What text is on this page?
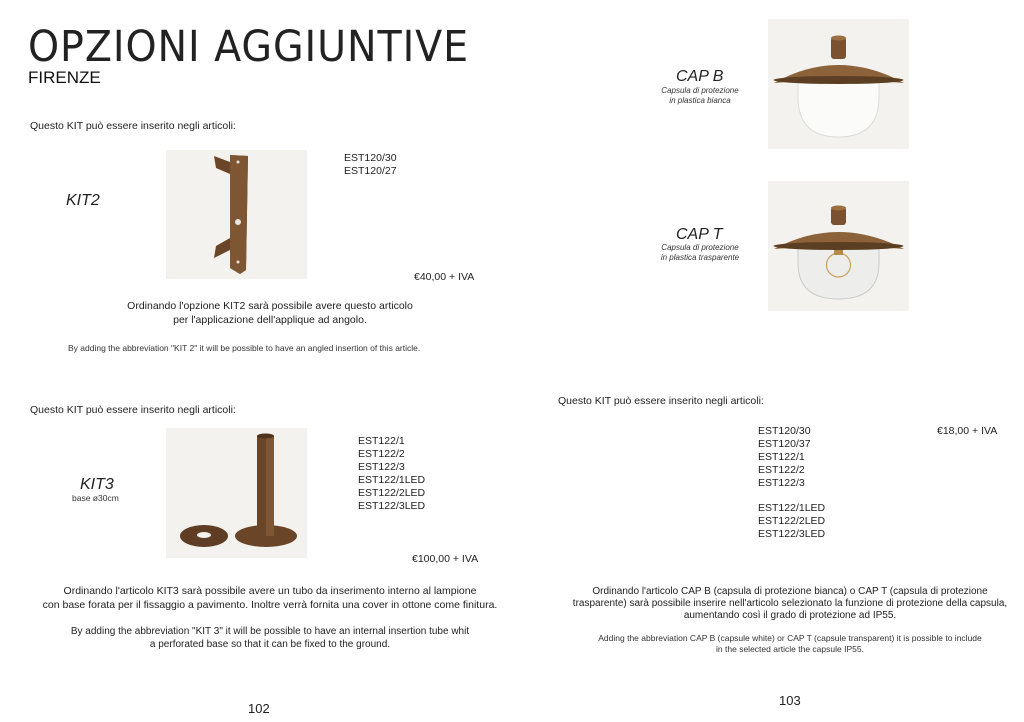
OPZIONI AGGIUNTIVE
FIRENZE
Questo KIT può essere inserito negli articoli:
KIT2
EST120/30
EST120/27
€40,00 + IVA
Ordinando l'opzione KIT2 sarà possibile avere questo articolo
per l'applicazione dell'applique ad angolo.
By adding the abbreviation "KIT 2" it will be possible to have an angled insertion of this article.
Questo KIT può essere inserito negli articoli:
KIT3
base ø30cm
EST122/1
EST122/2
EST122/3
EST122/1LED
EST122/2LED
EST122/3LED
€100,00 + IVA
Ordinando l'articolo KIT3 sarà possibile avere un tubo da inserimento interno al lampione
con base forata per il fissaggio a pavimento. Inoltre verrà fornita una cover in ottone come finitura.
By adding the abbreviation "KIT 3" it will be possible to have an internal insertion tube whit
a perforated base so that it can be fixed to the ground.
102
CAP B
Capsula di protezione
in plastica bianca
CAP T
Capsula di protezione
in plastica trasparente
Questo KIT può essere inserito negli articoli:
EST120/30
EST120/37
EST122/1
EST122/2
EST122/3
EST122/1LED
EST122/2LED
EST122/3LED
€18,00 + IVA
Ordinando l'articolo CAP B (capsula di protezione bianca) o CAP T (capsula di protezione
trasparente) sarà possibile inserire nell'articolo selezionato la funzione di protezione della capsula,
aumentando così il grado di protezione ad IP55.
Adding the abbreviation CAP B (capsule white) or CAP T (capsule transparent) it is possible to include
in the selected article the capsule IP55.
103
